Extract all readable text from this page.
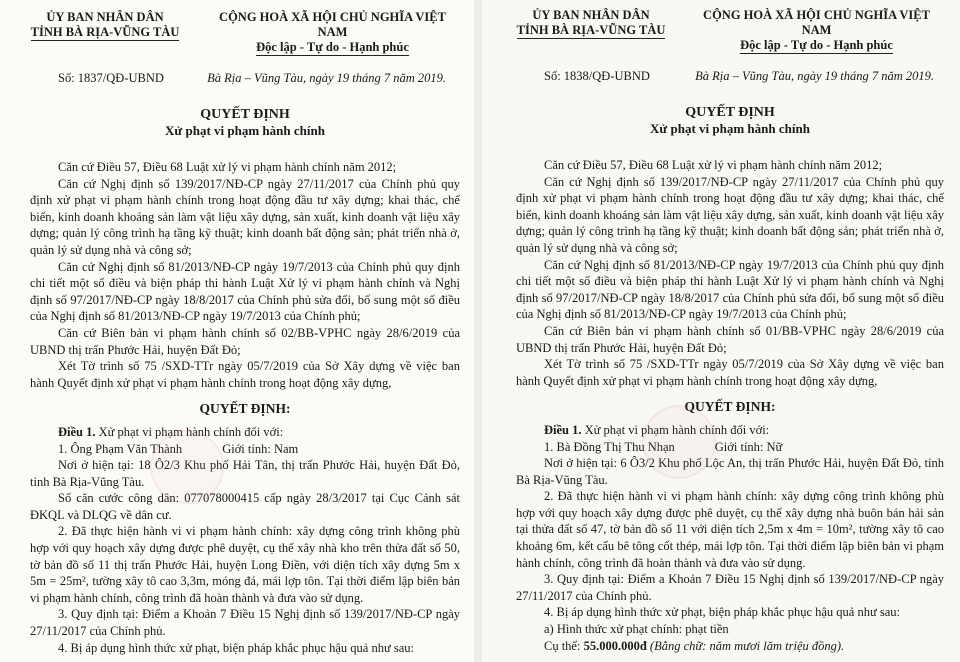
ỦY BAN NHÂN DÂN
TỈNH BÀ RỊA-VŨNG TÀU
CỘNG HOÀ XÃ HỘI CHỦ NGHĨA VIỆT NAM
Độc lập - Tự do - Hạnh phúc
Số: 1837/QĐ-UBND	Bà Rịa – Vũng Tàu, ngày 19 tháng 7 năm 2019.
QUYẾT ĐỊNH
Xử phạt vi phạm hành chính

Căn cứ Điều 57, Điều 68 Luật xử lý vi phạm hành chính năm 2012;

Căn cứ Nghị định số 139/2017/NĐ-CP ngày 27/11/2017 của Chính phủ quy định xử phạt vi phạm hành chính trong hoạt động đầu tư xây dựng; khai thác, chế biến, kinh doanh khoáng sản làm vật liệu xây dựng, sản xuất, kinh doanh vật liệu xây dựng; quản lý công trình hạ tầng kỹ thuật; kinh doanh bất động sản; phát triển nhà ở, quản lý sử dụng nhà và công sở;

Căn cứ Nghị định số 81/2013/NĐ-CP ngày 19/7/2013 của Chính phủ quy định chi tiết một số điều và biện pháp thi hành Luật Xử lý vi phạm hành chính và Nghị định số 97/2017/NĐ-CP ngày 18/8/2017 của Chính phủ sửa đổi, bổ sung một số điều của Nghị định số 81/2013/NĐ-CP ngày 19/7/2013 của Chính phủ;

Căn cứ Biên bản vi phạm hành chính số 02/BB-VPHC ngày 28/6/2019 của UBND thị trấn Phước Hải, huyện Đất Đỏ;

Xét Tờ trình số 75 /SXD-TTr ngày 05/7/2019 của Sở Xây dựng về việc ban hành Quyết định xử phạt vi phạm hành chính trong hoạt động xây dựng,

QUYẾT ĐỊNH:

Điều 1. Xử phạt vi phạm hành chính đối với:

1. Ông Phạm Văn Thành	Giới tính: Nam

Nơi ở hiện tại: 18 Ô2/3 Khu phố Hải Tân, thị trấn Phước Hải, huyện Đất Đỏ, tỉnh Bà Rịa-Vũng Tàu.

Số căn cước công dân: 077078000415 cấp ngày 28/3/2017 tại Cục Cảnh sát ĐKQL và DLQG về dân cư.

2. Đã thực hiện hành vi vi phạm hành chính: xây dựng công trình không phù hợp với quy hoạch xây dựng được phê duyệt, cụ thể xây nhà kho trên thửa đất số 50, tờ bản đồ số 11 thị trấn Phước Hải, huyện Long Điền, với diện tích xây dựng 5m x 5m = 25m², tường xây tô cao 3,3m, móng đá, mái lợp tôn. Tại thời điểm lập biên bản vi phạm hành chính, công trình đã hoàn thành và đưa vào sử dụng.

3. Quy định tại: Điểm a Khoản 7 Điều 15 Nghị định số 139/2017/NĐ-CP ngày 27/11/2017 của Chính phủ.

4. Bị áp dụng hình thức xử phạt, biện pháp khắc phục hậu quả như sau:

ỦY BAN NHÂN DÂN
TỈNH BÀ RỊA-VŨNG TÀU
CỘNG HOÀ XÃ HỘI CHỦ NGHĨA VIỆT NAM
Độc lập - Tự do - Hạnh phúc
Số: 1838/QĐ-UBND	Bà Rịa – Vũng Tàu, ngày 19 tháng 7 năm 2019.
QUYẾT ĐỊNH
Xử phạt vi phạm hành chính

Căn cứ Điều 57, Điều 68 Luật xử lý vi phạm hành chính năm 2012;

Căn cứ Nghị định số 139/2017/NĐ-CP ngày 27/11/2017 của Chính phủ quy định xử phạt vi phạm hành chính trong hoạt động đầu tư xây dựng; khai thác, chế biến, kinh doanh khoáng sản làm vật liệu xây dựng, sản xuất, kinh doanh vật liệu xây dựng; quản lý công trình hạ tầng kỹ thuật; kinh doanh bất động sản; phát triển nhà ở, quản lý sử dụng nhà và công sở;

Căn cứ Nghị định số 81/2013/NĐ-CP ngày 19/7/2013 của Chính phủ quy định chi tiết một số điều và biện pháp thi hành Luật Xử lý vi phạm hành chính và Nghị định số 97/2017/NĐ-CP ngày 18/8/2017 của Chính phủ sửa đổi, bổ sung một số điều của Nghị định số 81/2013/NĐ-CP ngày 19/7/2013 của Chính phủ;

Căn cứ Biên bản vi phạm hành chính số 01/BB-VPHC ngày 28/6/2019 của UBND thị trấn Phước Hải, huyện Đất Đỏ;

Xét Tờ trình số 75 /SXD-TTr ngày 05/7/2019 của Sở Xây dựng về việc ban hành Quyết định xử phạt vi phạm hành chính trong hoạt động xây dựng,

QUYẾT ĐỊNH:

Điều 1. Xử phạt vi phạm hành chính đối với:

1. Bà Đồng Thị Thu Nhạn	Giới tính: Nữ

Nơi ở hiện tại: 6 Ô3/2 Khu phố Lộc An, thị trấn Phước Hải, huyện Đất Đỏ, tỉnh Bà Rịa-Vũng Tàu.

2. Đã thực hiện hành vi vi phạm hành chính: xây dựng công trình không phù hợp với quy hoạch xây dựng được phê duyệt, cụ thể xây dựng nhà buôn bán hải sản tại thửa đất số 47, tờ bản đồ số 11 với diện tích 2,5m x 4m = 10m², tường xây tô cao khoảng 6m, kết cấu bê tông cốt thép, mái lợp tôn. Tại thời điểm lập biên bản vi phạm hành chính, công trình đã hoàn thành và đưa vào sử dụng.

3. Quy định tại: Điểm a Khoản 7 Điều 15 Nghị định số 139/2017/NĐ-CP ngày 27/11/2017 của Chính phủ.

4. Bị áp dụng hình thức xử phạt, biện pháp khắc phục hậu quả như sau:

a) Hình thức xử phạt chính: phạt tiền

Cụ thể: 55.000.000đ (Bằng chữ: năm mươi lăm triệu đồng).
